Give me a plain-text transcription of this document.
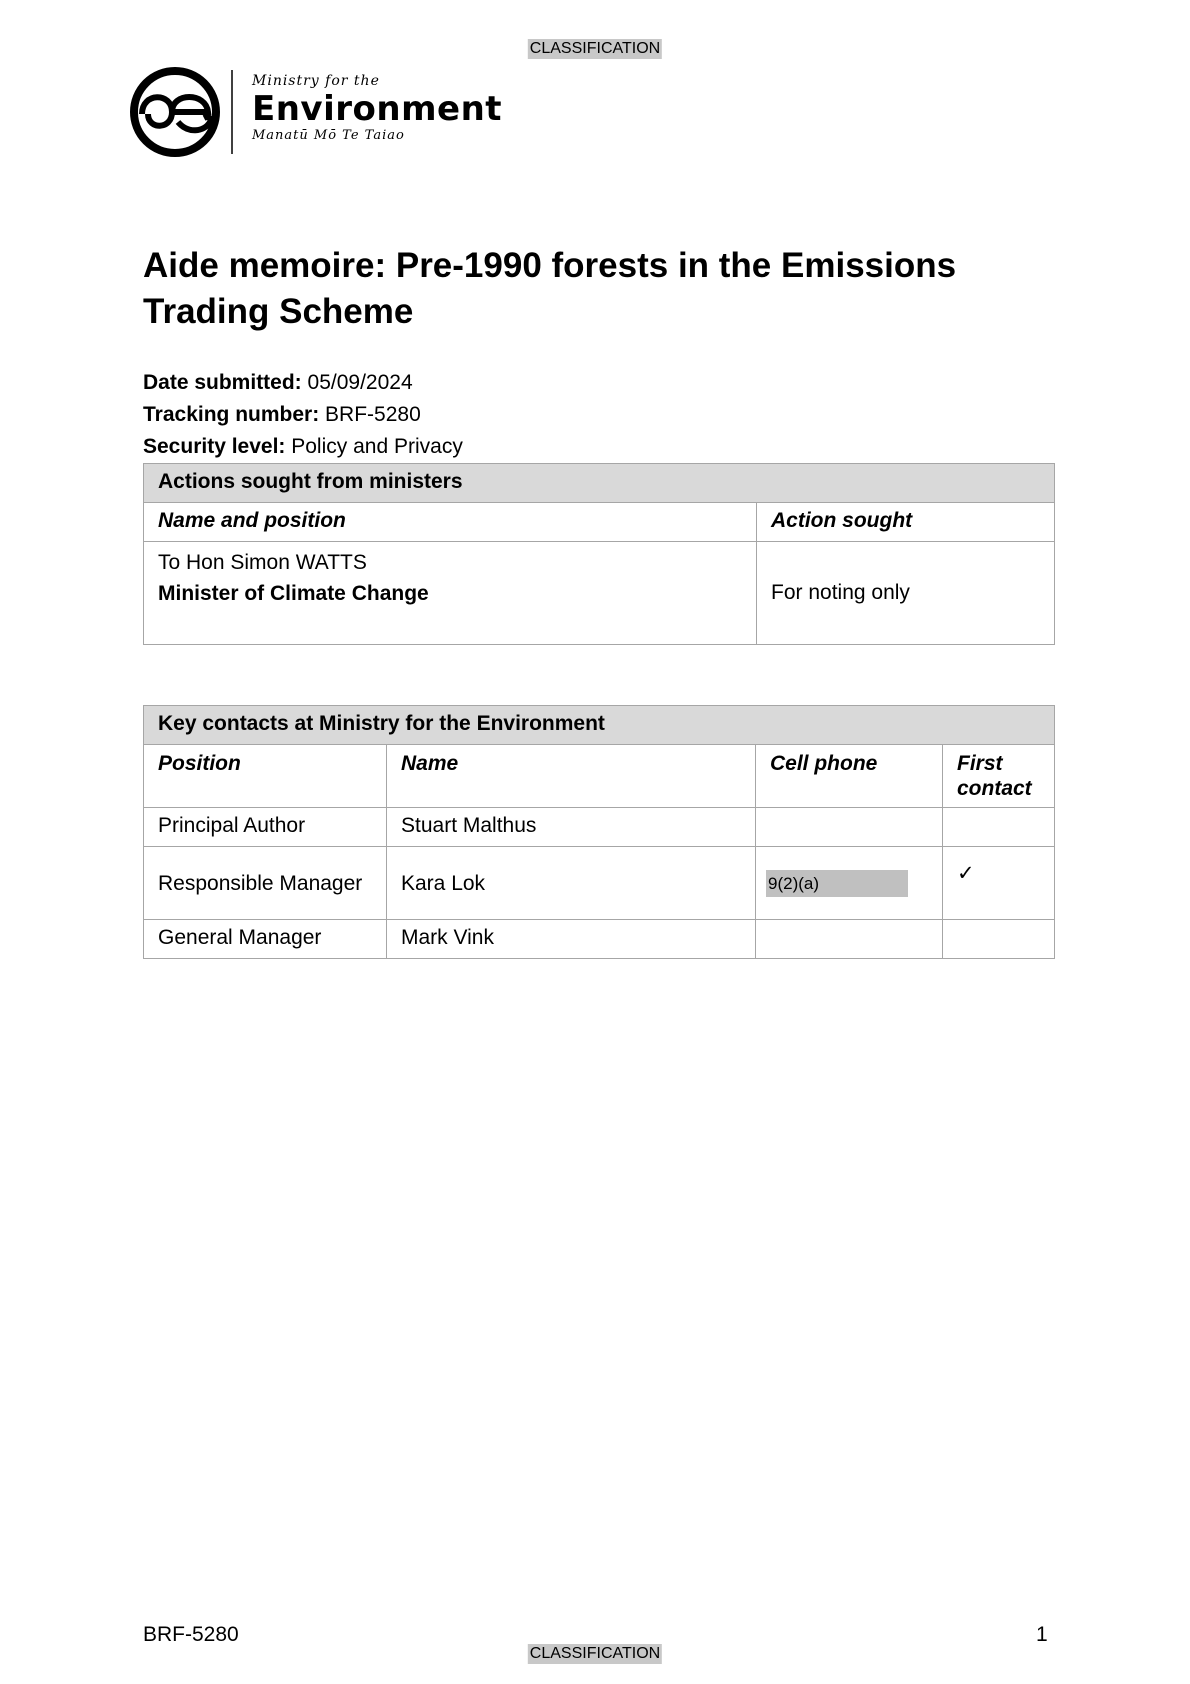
CLASSIFICATION
Ministry for the
Environment
Manatū Mō Te Taiao
Aide memoire: Pre-1990 forests in the Emissions Trading Scheme
Date submitted: 05/09/2024
Tracking number: BRF-5280
Security level: Policy and Privacy
Actions sought from ministers	
Name and position	Action sought

To Hon Simon WATTS
Minister of Climate Change	For noting only
Key contacts at Ministry for the Environment			
Position	Name	Cell phone	First contact
Principal Author	Stuart Malthus		
Responsible Manager	Kara Lok	9(2)(a)	✓
General Manager	Mark Vink		
BRF-5280	1
CLASSIFICATION
